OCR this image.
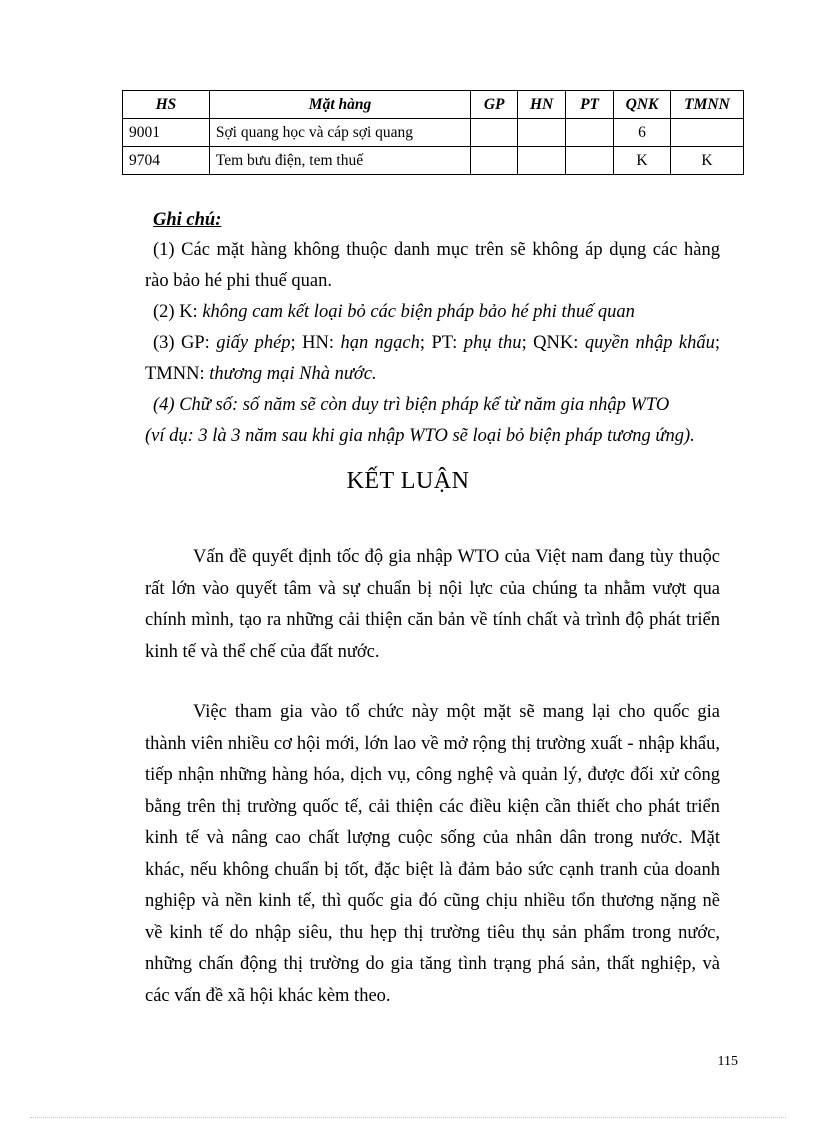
HS	Mặt hàng	GP	HN	PT	QNK	TMNN
9001	Sợi quang học và cáp sợi quang				6	
9704	Tem bưu điện, tem thuế				K	K
Ghi chú:
(1) Các mặt hàng không thuộc danh mục trên sẽ không áp dụng các hàng
rào bảo hé phi thuế quan.
(2) K: không cam kết loại bỏ các biện pháp bảo hé phi thuế quan
(3) GP: giấy phép; HN: hạn ngạch; PT: phụ thu; QNK: quyền nhập khẩu;
TMNN: thương mại Nhà nước.
(4) Chữ số: số năm sẽ còn duy trì biện pháp kể từ năm gia nhập WTO
(ví dụ: 3 là 3 năm sau khi gia nhập WTO sẽ loại bỏ biện pháp tương ứng).
KẾT LUẬN
Vấn đề quyết định tốc độ gia nhập WTO của Việt nam đang tùy thuộc
rất lớn vào quyết tâm và sự chuẩn bị nội lực của chúng ta nhằm vượt qua
chính mình, tạo ra những cải thiện căn bản về tính chất và trình độ phát triển
kinh tế và thể chế của đất nước.
Việc tham gia vào tổ chức này một mặt sẽ mang lại cho quốc gia
thành viên nhiều cơ hội mới, lớn lao về mở rộng thị trường xuất - nhập khẩu,
tiếp nhận những hàng hóa, dịch vụ, công nghệ và quản lý, được đối xử công
bằng trên thị trường quốc tế, cải thiện các điều kiện cần thiết cho phát triển
kinh tế và nâng cao chất lượng cuộc sống của nhân dân trong nước. Mặt
khác, nếu không chuẩn bị tốt, đặc biệt là đảm bảo sức cạnh tranh của doanh
nghiệp và nền kinh tế, thì quốc gia đó cũng chịu nhiều tổn thương nặng nề
về kinh tế do nhập siêu, thu hẹp thị trường tiêu thụ sản phẩm trong nước,
những chấn động thị trường do gia tăng tình trạng phá sản, thất nghiệp, và
các vấn đề xã hội khác kèm theo.
115
